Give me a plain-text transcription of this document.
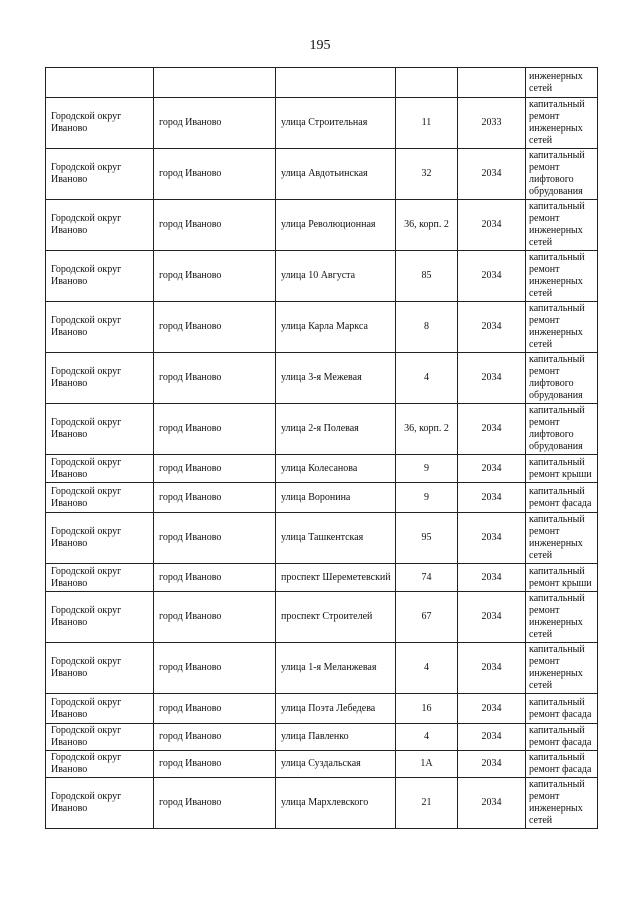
195
					инженерных сетей
Городской округ Иваново	город Иваново	улица Строительная	11	2033	капитальный ремонт инженерных сетей
Городской округ Иваново	город Иваново	улица Авдотьинская	32	2034	капитальный ремонт лифтового обрудования
Городской округ Иваново	город Иваново	улица Революционная	36, корп. 2	2034	капитальный ремонт инженерных сетей
Городской округ Иваново	город Иваново	улица 10 Августа	85	2034	капитальный ремонт инженерных сетей
Городской округ Иваново	город Иваново	улица Карла Маркса	8	2034	капитальный ремонт инженерных сетей
Городской округ Иваново	город Иваново	улица 3-я Межевая	4	2034	капитальный ремонт лифтового обрудования
Городской округ Иваново	город Иваново	улица 2-я Полевая	36, корп. 2	2034	капитальный ремонт лифтового обрудования
Городской округ Иваново	город Иваново	улица Колесанова	9	2034	капитальный ремонт крыши
Городской округ Иваново	город Иваново	улица Воронина	9	2034	капитальный ремонт фасада
Городской округ Иваново	город Иваново	улица Ташкентская	95	2034	капитальный ремонт инженерных сетей
Городской округ Иваново	город Иваново	проспект Шереметевский	74	2034	капитальный ремонт крыши
Городской округ Иваново	город Иваново	проспект Строителей	67	2034	капитальный ремонт инженерных сетей
Городской округ Иваново	город Иваново	улица 1-я Меланжевая	4	2034	капитальный ремонт инженерных сетей
Городской округ Иваново	город Иваново	улица Поэта Лебедева	16	2034	капитальный ремонт фасада
Городской округ Иваново	город Иваново	улица Павленко	4	2034	капитальный ремонт фасада
Городской округ Иваново	город Иваново	улица Суздальская	1А	2034	капитальный ремонт фасада
Городской округ Иваново	город Иваново	улица Мархлевского	21	2034	капитальный ремонт инженерных сетей
